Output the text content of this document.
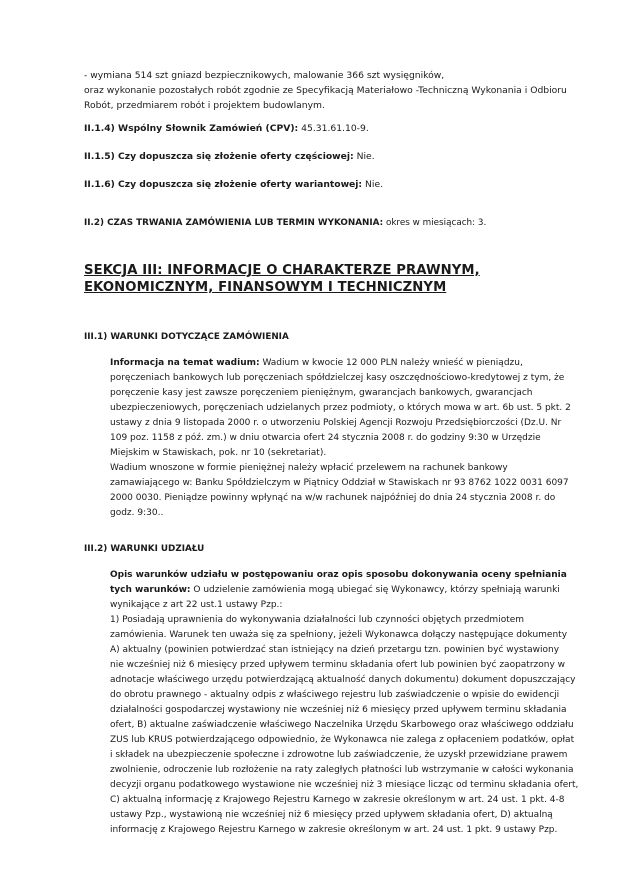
- wymiana 514 szt gniazd bezpiecznikowych, malowanie 366 szt wysięgników,
oraz wykonanie pozostałych robót zgodnie ze Specyfikacją Materiałowo -Techniczną Wykonania i Odbioru
Robót, przedmiarem robót i projektem budowlanym.
II.1.4) Wspólny Słownik Zamówień (CPV): 45.31.61.10-9.
II.1.5) Czy dopuszcza się złożenie oferty częściowej: Nie.
II.1.6) Czy dopuszcza się złożenie oferty wariantowej: Nie.
II.2) CZAS TRWANIA ZAMÓWIENIA LUB TERMIN WYKONANIA: okres w miesiącach: 3.
SEKCJA III: INFORMACJE O CHARAKTERZE PRAWNYM,
EKONOMICZNYM, FINANSOWYM I TECHNICZNYM
III.1) WARUNKI DOTYCZĄCE ZAMÓWIENIA
Informacja na temat wadium: Wadium w kwocie 12 000 PLN należy wnieść w pieniądzu,
poręczeniach bankowych lub poręczeniach spółdzielczej kasy oszczędnościowo-kredytowej z tym, że
poręczenie kasy jest zawsze poręczeniem pieniężnym, gwarancjach bankowych, gwarancjach
ubezpieczeniowych, poręczeniach udzielanych przez podmioty, o których mowa w art. 6b ust. 5 pkt. 2
ustawy z dnia 9 listopada 2000 r. o utworzeniu Polskiej Agencji Rozwoju Przedsiębiorczości (Dz.U. Nr
109 poz. 1158 z póź. zm.) w dniu otwarcia ofert 24 stycznia 2008 r. do godziny 9:30 w Urzędzie
Miejskim w Stawiskach, pok. nr 10 (sekretariat).
Wadium wnoszone w formie pieniężnej należy wpłacić przelewem na rachunek bankowy
zamawiającego w: Banku Spółdzielczym w Piątnicy Oddział w Stawiskach nr 93 8762 1022 0031 6097
2000 0030. Pieniądze powinny wpłynąć na w/w rachunek najpóźniej do dnia 24 stycznia 2008 r. do
godz. 9:30..
III.2) WARUNKI UDZIAŁU
Opis warunków udziału w postępowaniu oraz opis sposobu dokonywania oceny spełniania
tych warunków: O udzielenie zamówienia mogą ubiegać się Wykonawcy, którzy spełniają warunki
wynikające z art 22 ust.1 ustawy Pzp.:
1) Posiadają uprawnienia do wykonywania działalności lub czynności objętych przedmiotem
zamówienia. Warunek ten uważa się za spełniony, jeżeli Wykonawca dołączy następujące dokumenty
A) aktualny (powinien potwierdzać stan istniejący na dzień przetargu tzn. powinien być wystawiony
nie wcześniej niż 6 miesięcy przed upływem terminu składania ofert lub powinien być zaopatrzony w
adnotacje właściwego urzędu potwierdzającą aktualność danych dokumentu) dokument dopuszczający
do obrotu prawnego - aktualny odpis z właściwego rejestru lub zaświadczenie o wpisie do ewidencji
działalności gospodarczej wystawiony nie wcześniej niż 6 miesięcy przed upływem terminu składania
ofert, B) aktualne zaświadczenie właściwego Naczelnika Urzędu Skarbowego oraz właściwego oddziału
ZUS lub KRUS potwierdzającego odpowiednio, że Wykonawca nie zalega z opłaceniem podatków, opłat
i składek na ubezpieczenie społeczne i zdrowotne lub zaświadczenie, że uzyskł przewidziane prawem
zwolnienie, odroczenie lub rozłożenie na raty zaległych płatności lub wstrzymanie w całości wykonania
decyzji organu podatkowego wystawione nie wcześniej niż 3 miesiące licząc od terminu składania ofert,
C) aktualną informację z Krajowego Rejestru Karnego w zakresie określonym w art. 24 ust. 1 pkt. 4-8
ustawy Pzp., wystawioną nie wcześniej niż 6 miesięcy przed upływem składania ofert, D) aktualną
informację z Krajowego Rejestru Karnego w zakresie określonym w art. 24 ust. 1 pkt. 9 ustawy Pzp.
